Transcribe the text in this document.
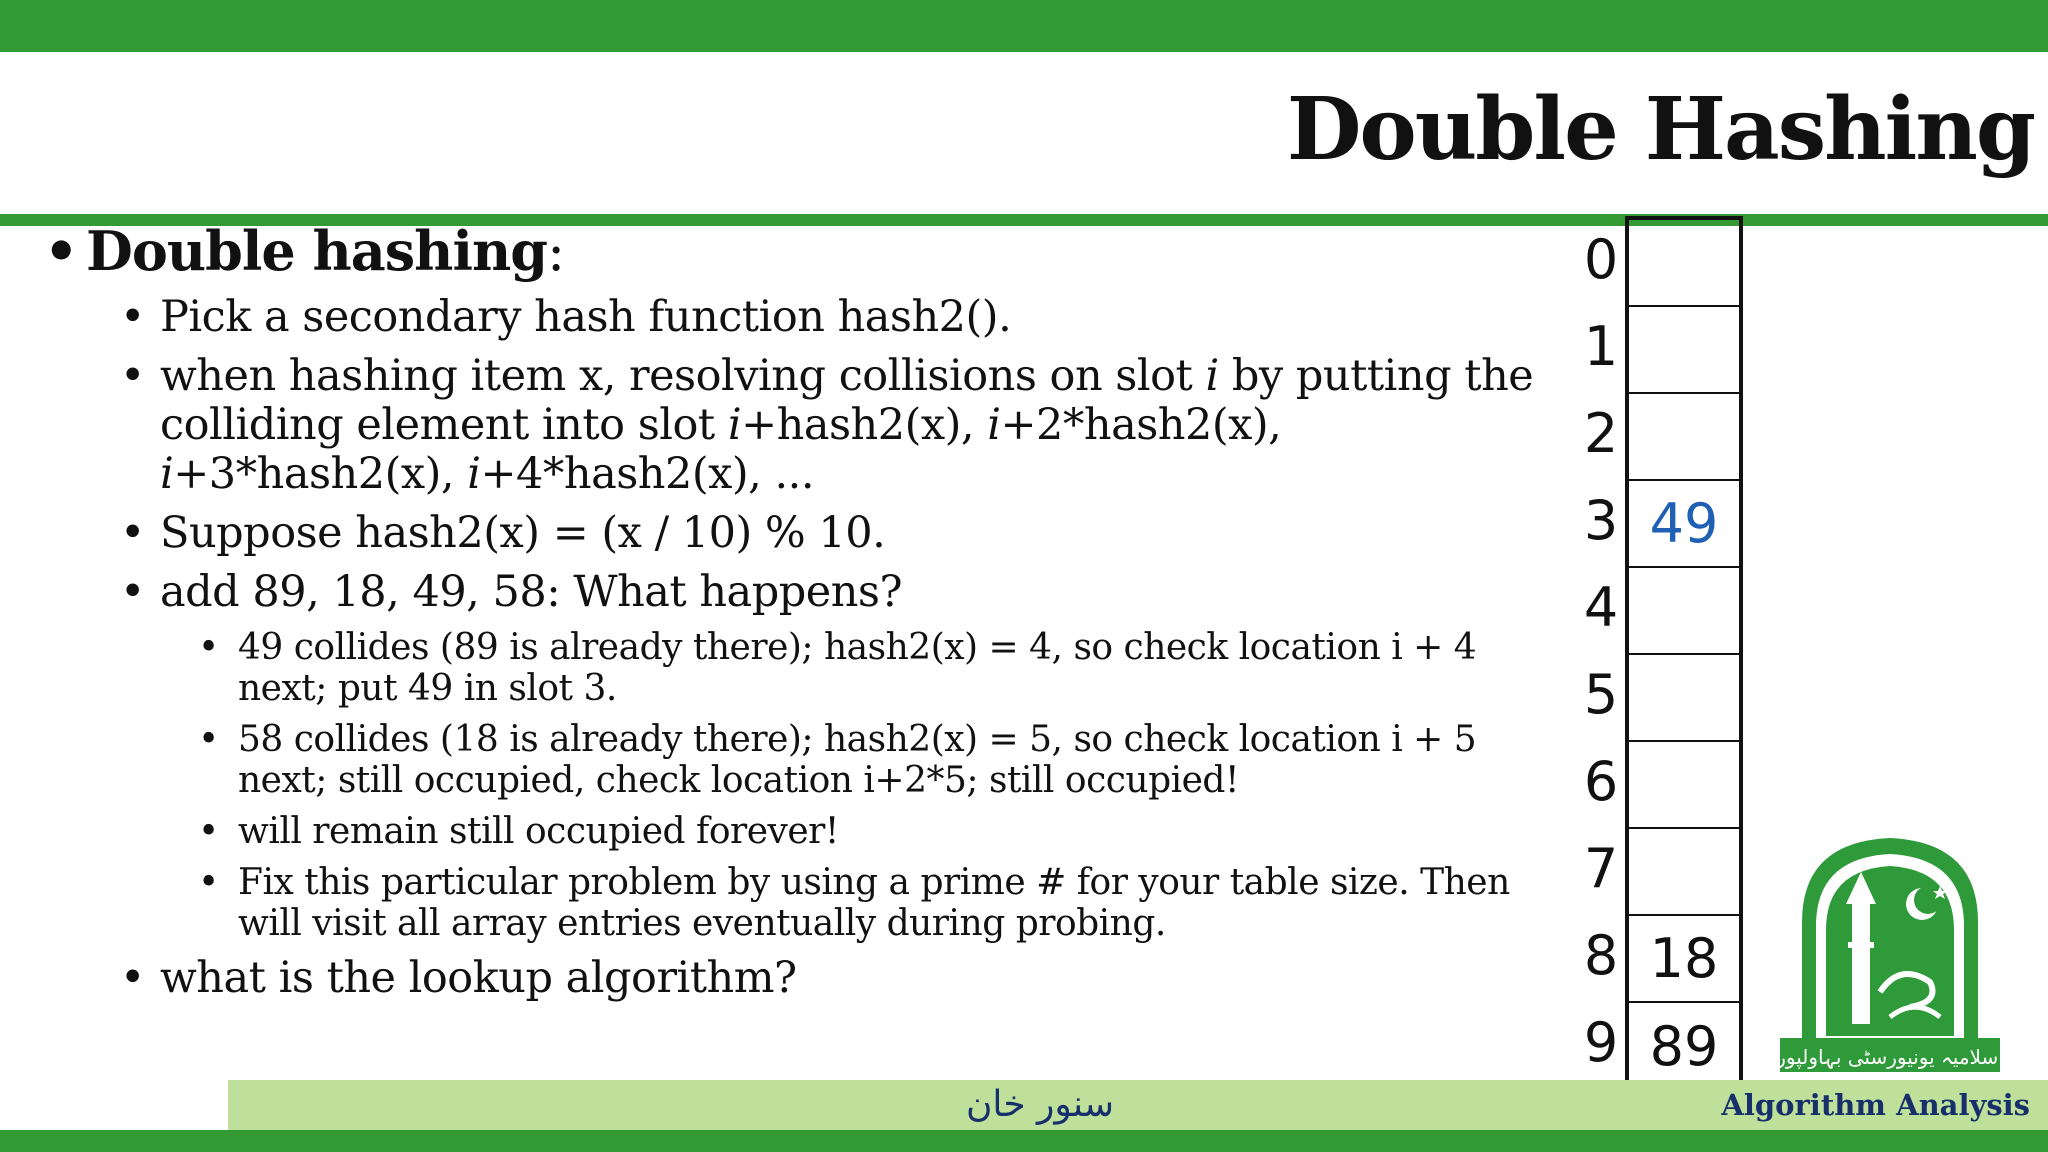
Double Hashing
• Double hashing:
• Pick a secondary hash function hash2().
• when hashing item x, resolving collisions on slot i by putting the colliding element into slot i+hash2(x), i+2*hash2(x), i+3*hash2(x), i+4*hash2(x), ...
• Suppose hash2(x) = (x / 10) % 10.
• add 89, 18, 49, 58: What happens?
• 49 collides (89 is already there); hash2(x) = 4, so check location i + 4 next; put 49 in slot 3.
• 58 collides (18 is already there); hash2(x) = 5, so check location i + 5 next; still occupied, check location i+2*5; still occupied!
• will remain still occupied forever!
• Fix this particular problem by using a prime # for your table size. Then will visit all array entries eventually during probing.
• what is the lookup algorithm?
0
1
2
3
4
5
6
7
8
9
49
18
89	اسلامیہ یونیورسٹی بہاولپور
سنور خان	Algorithm Analysis
